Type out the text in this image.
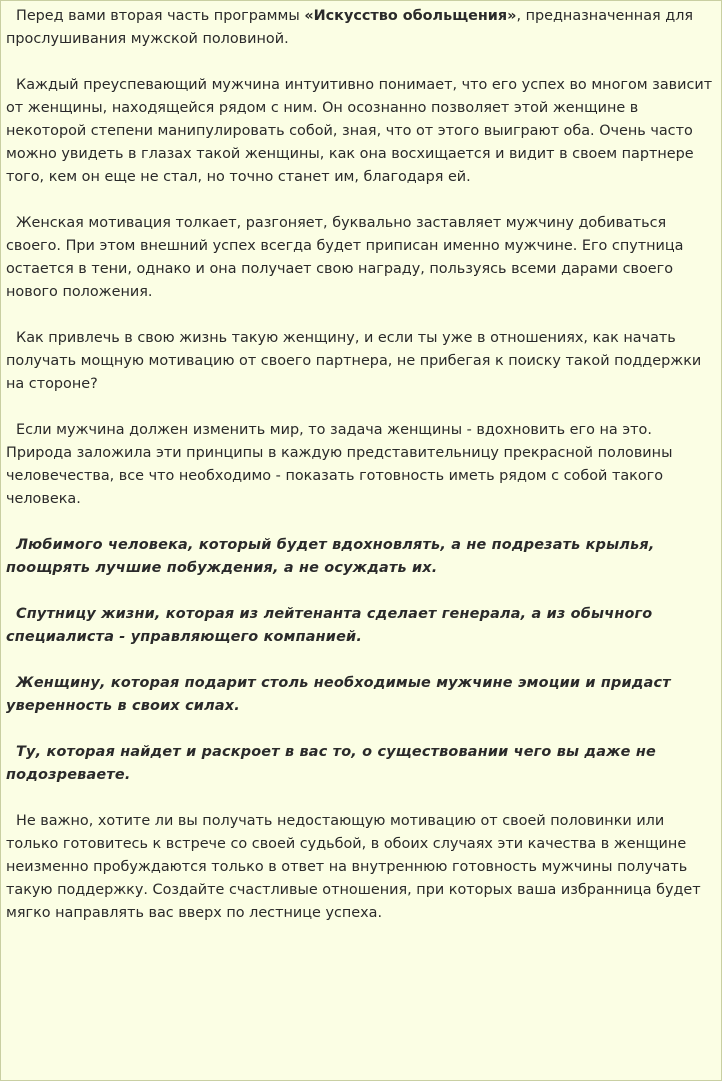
Перед вами вторая часть программы «Искусство обольщения», предназначенная для прослушивания мужской половиной.

Каждый преуспевающий мужчина интуитивно понимает, что его успех во многом зависит от женщины, находящейся рядом с ним. Он осознанно позволяет этой женщине в некоторой степени манипулировать собой, зная, что от этого выиграют оба. Очень часто можно увидеть в глазах такой женщины, как она восхищается и видит в своем партнере того, кем он еще не стал, но точно станет им, благодаря ей.

Женская мотивация толкает, разгоняет, буквально заставляет мужчину добиваться своего. При этом внешний успех всегда будет приписан именно мужчине. Его спутница остается в тени, однако и она получает свою награду, пользуясь всеми дарами своего нового положения.

Как привлечь в свою жизнь такую женщину, и если ты уже в отношениях, как начать получать мощную мотивацию от своего партнера, не прибегая к поиску такой поддержки на стороне?

Если мужчина должен изменить мир, то задача женщины - вдохновить его на это. Природа заложила эти принципы в каждую представительницу прекрасной половины человечества, все что необходимо - показать готовность иметь рядом с собой такого человека.

Любимого человека, который будет вдохновлять, а не подрезать крылья, поощрять лучшие побуждения, а не осуждать их.

Спутницу жизни, которая из лейтенанта сделает генерала, а из обычного специалиста - управляющего компанией.

Женщину, которая подарит столь необходимые мужчине эмоции и придаст уверенность в своих силах.

Ту, которая найдет и раскроет в вас то, о существовании чего вы даже не подозреваете.

Не важно, хотите ли вы получать недостающую мотивацию от своей половинки или только готовитесь к встрече со своей судьбой, в обоих случаях эти качества в женщине неизменно пробуждаются только в ответ на внутреннюю готовность мужчины получать такую поддержку. Создайте счастливые отношения, при которых ваша избранница будет мягко направлять вас вверх по лестнице успеха.
